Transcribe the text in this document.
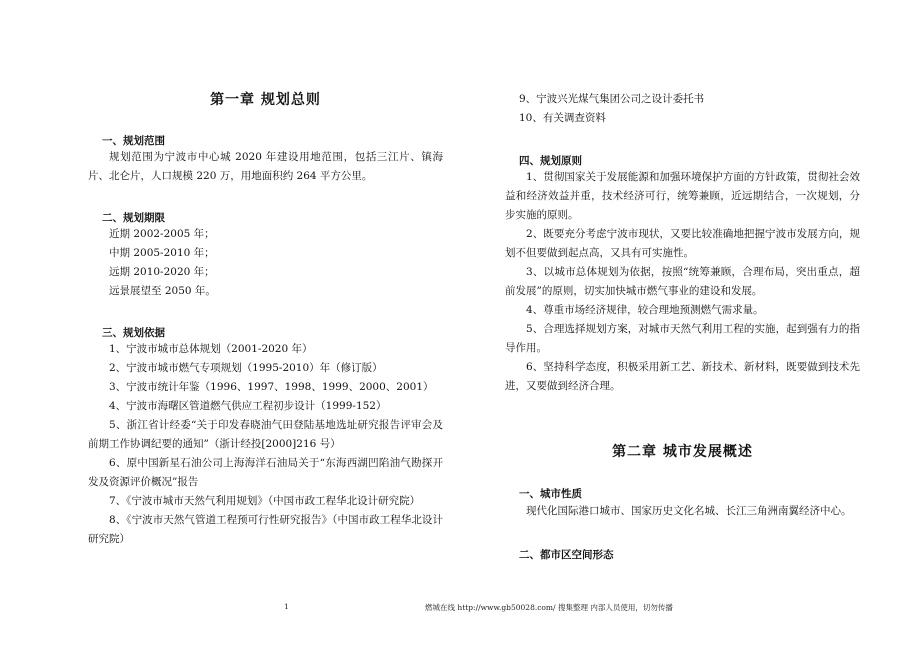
第一章 规划总则
一、规划范围

规划范围为宁波市中心城 2020 年建设用地范围，包括三江片、镇海片、北仑片，人口规模 220 万，用地面积约 264 平方公里。

二、规划期限
近期 2002-2005 年；
中期 2005-2010 年；
远期 2010-2020 年；
远景展望至 2050 年。
三、规划依据

1、宁波市城市总体规划（2001-2020 年）

2、宁波市城市燃气专项规划（1995-2010）年（修订版）

3、宁波市统计年鉴（1996、1997、1998、1999、2000、2001）

4、宁波市海曙区管道燃气供应工程初步设计（1999-152）

5、浙江省计经委“关于印发春晓油气田登陆基地选址研究报告评审会及前期工作协调纪要的通知”（浙计经投[2000]216 号）

6、原中国新星石油公司上海海洋石油局关于“东海西湖凹陷油气勘探开发及资源评价概况”报告

7、《宁波市城市天然气利用规划》（中国市政工程华北设计研究院）

8、《宁波市天然气管道工程预可行性研究报告》（中国市政工程华北设计研究院）

9、宁波兴光煤气集团公司之设计委托书
10、有关调查资料
四、规划原则

1、贯彻国家关于发展能源和加强环境保护方面的方针政策，贯彻社会效益和经济效益并重，技术经济可行，统筹兼顾，近远期结合，一次规划，分步实施的原则。

2、既要充分考虑宁波市现状，又要比较准确地把握宁波市发展方向，规划不但要做到起点高，又具有可实施性。

3、以城市总体规划为依据，按照“统筹兼顾，合理布局，突出重点，超前发展”的原则，切实加快城市燃气事业的建设和发展。

4、尊重市场经济规律，较合理地预测燃气需求量。

5、合理选择规划方案，对城市天然气利用工程的实施，起到强有力的指导作用。

6、坚持科学态度，积极采用新工艺、新技术、新材料，既要做到技术先进，又要做到经济合理。

第二章 城市发展概述
一、城市性质

现代化国际港口城市、国家历史文化名城、长江三角洲南翼经济中心。

二、都市区空间形态
1	燃城在线 http://www.gb50028.com/ 搜集整理 内部人员使用，切勿传播
